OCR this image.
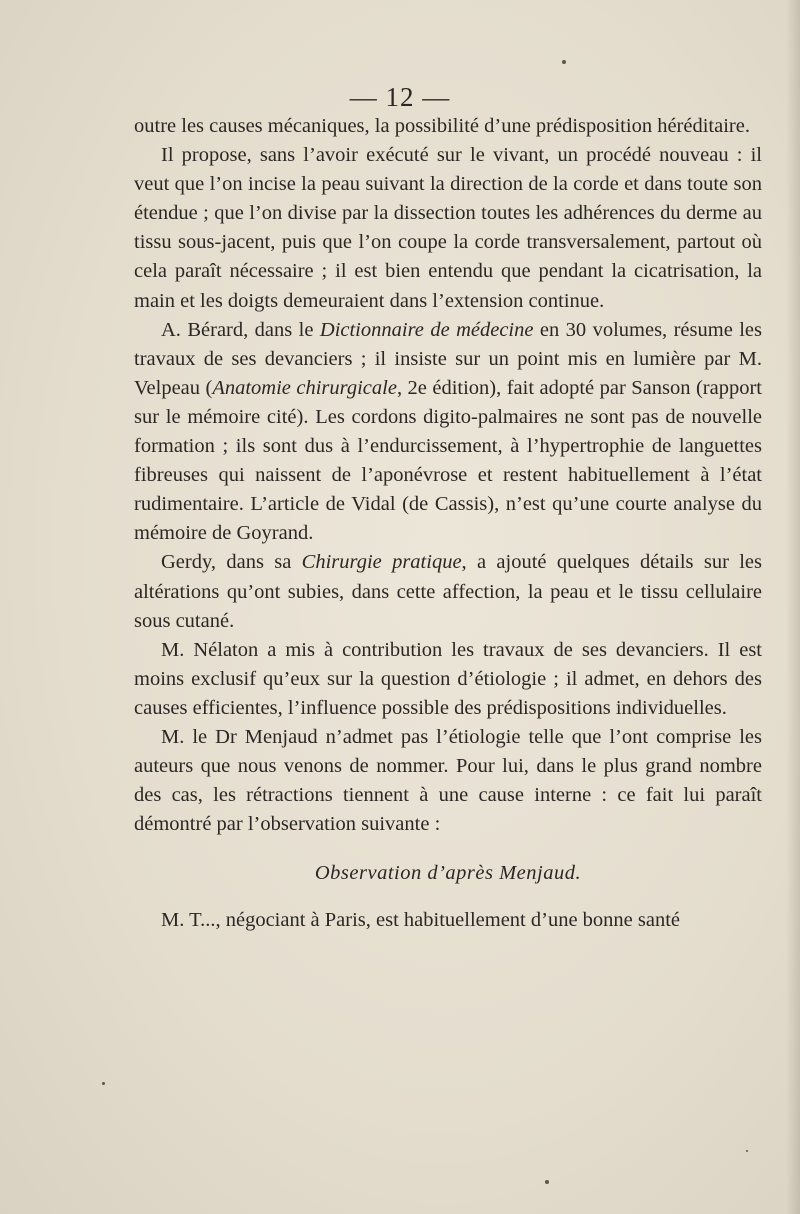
— 12 —

outre les causes mécaniques, la possibilité d’une prédisposition héréditaire.

Il propose, sans l’avoir exécuté sur le vivant, un procédé nouveau : il veut que l’on incise la peau suivant la direction de la corde et dans toute son étendue ; que l’on divise par la dissection toutes les adhérences du derme au tissu sous-jacent, puis que l’on coupe la corde transversalement, partout où cela paraît nécessaire ; il est bien entendu que pendant la cicatrisation, la main et les doigts demeuraient dans l’extension continue.

A. Bérard, dans le Dictionnaire de médecine en 30 volumes, résume les travaux de ses devanciers ; il insiste sur un point mis en lumière par M. Velpeau (Anatomie chirurgicale, 2e édition), fait adopté par Sanson (rapport sur le mémoire cité). Les cordons digito-palmaires ne sont pas de nouvelle formation ; ils sont dus à l’endurcissement, à l’hypertrophie de languettes fibreuses qui naissent de l’aponévrose et restent habituellement à l’état rudimentaire. L’article de Vidal (de Cassis), n’est qu’une courte analyse du mémoire de Goyrand.

Gerdy, dans sa Chirurgie pratique, a ajouté quelques détails sur les altérations qu’ont subies, dans cette affection, la peau et le tissu cellulaire sous cutané.

M. Nélaton a mis à contribution les travaux de ses devanciers. Il est moins exclusif qu’eux sur la question d’étiologie ; il admet, en dehors des causes efficientes, l’influence possible des prédispositions individuelles.

M. le Dr Menjaud n’admet pas l’étiologie telle que l’ont comprise les auteurs que nous venons de nommer. Pour lui, dans le plus grand nombre des cas, les rétractions tiennent à une cause interne : ce fait lui paraît démontré par l’observation suivante :

Observation d’après Menjaud.

M. T..., négociant à Paris, est habituellement d’une bonne santé
